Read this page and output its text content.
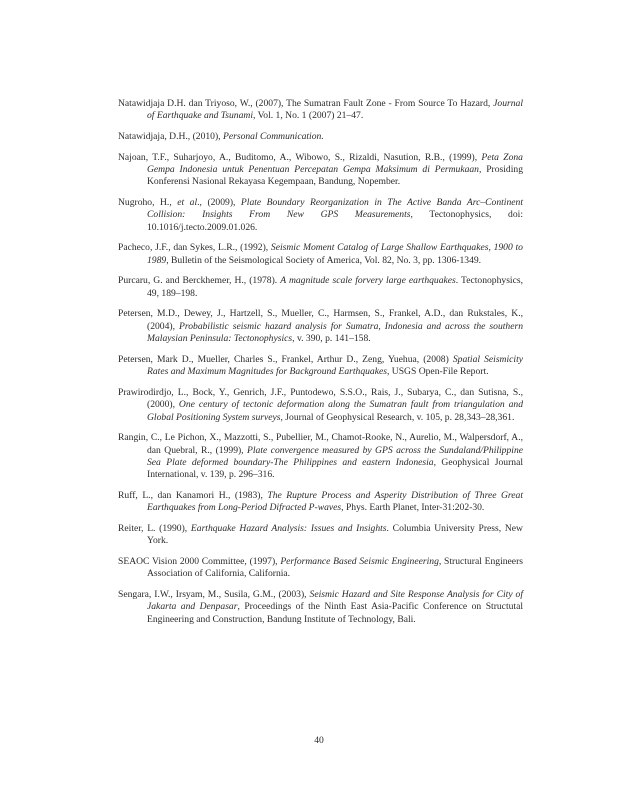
Natawidjaja D.H. dan Triyoso, W., (2007), The Sumatran Fault Zone - From Source To Hazard, Journal of Earthquake and Tsunami, Vol. 1, No. 1 (2007) 21–47.

Natawidjaja, D.H., (2010), Personal Communication.

Najoan, T.F., Suharjoyo, A., Buditomo, A., Wibowo, S., Rizaldi, Nasution, R.B., (1999), Peta Zona Gempa Indonesia untuk Penentuan Percepatan Gempa Maksimum di Permukaan, Prosiding Konferensi Nasional Rekayasa Kegempaan, Bandung, Nopember.

Nugroho, H., et al., (2009), Plate Boundary Reorganization in The Active Banda Arc–Continent Collision: Insights From New GPS Measurements, Tectonophysics, doi: 10.1016/j.tecto.2009.01.026.

Pacheco, J.F., dan Sykes, L.R., (1992), Seismic Moment Catalog of Large Shallow Earthquakes, 1900 to 1989, Bulletin of the Seismological Society of America, Vol. 82, No. 3, pp. 1306-1349.

Purcaru, G. and Berckhemer, H., (1978). A magnitude scale forvery large earthquakes. Tectonophysics, 49, 189–198.

Petersen, M.D., Dewey, J., Hartzell, S., Mueller, C., Harmsen, S., Frankel, A.D., dan Rukstales, K., (2004), Probabilistic seismic hazard analysis for Sumatra, Indonesia and across the southern Malaysian Peninsula: Tectonophysics, v. 390, p. 141–158.

Petersen, Mark D., Mueller, Charles S., Frankel, Arthur D., Zeng, Yuehua, (2008) Spatial Seismicity Rates and Maximum Magnitudes for Background Earthquakes, USGS Open-File Report.

Prawirodirdjo, L., Bock, Y., Genrich, J.F., Puntodewo, S.S.O., Rais, J., Subarya, C., dan Sutisna, S., (2000), One century of tectonic deformation along the Sumatran fault from triangulation and Global Positioning System surveys, Journal of Geophysical Research, v. 105, p. 28,343–28,361.

Rangin, C., Le Pichon, X., Mazzotti, S., Pubellier, M., Chamot-Rooke, N., Aurelio, M., Walpersdorf, A., dan Quebral, R., (1999), Plate convergence measured by GPS across the Sundaland/Philippine Sea Plate deformed boundary-The Philippines and eastern Indonesia, Geophysical Journal International, v. 139, p. 296–316.

Ruff, L., dan Kanamori H., (1983), The Rupture Process and Asperity Distribution of Three Great Earthquakes from Long-Period Difracted P-waves, Phys. Earth Planet, Inter-31:202-30.

Reiter, L. (1990), Earthquake Hazard Analysis: Issues and Insights. Columbia University Press, New York.

SEAOC Vision 2000 Committee, (1997), Performance Based Seismic Engineering, Structural Engineers Association of California, California.

Sengara, I.W., Irsyam, M., Susila, G.M., (2003), Seismic Hazard and Site Response Analysis for City of Jakarta and Denpasar, Proceedings of the Ninth East Asia-Pacific Conference on Structutal Engineering and Construction, Bandung Institute of Technology, Bali.

40
